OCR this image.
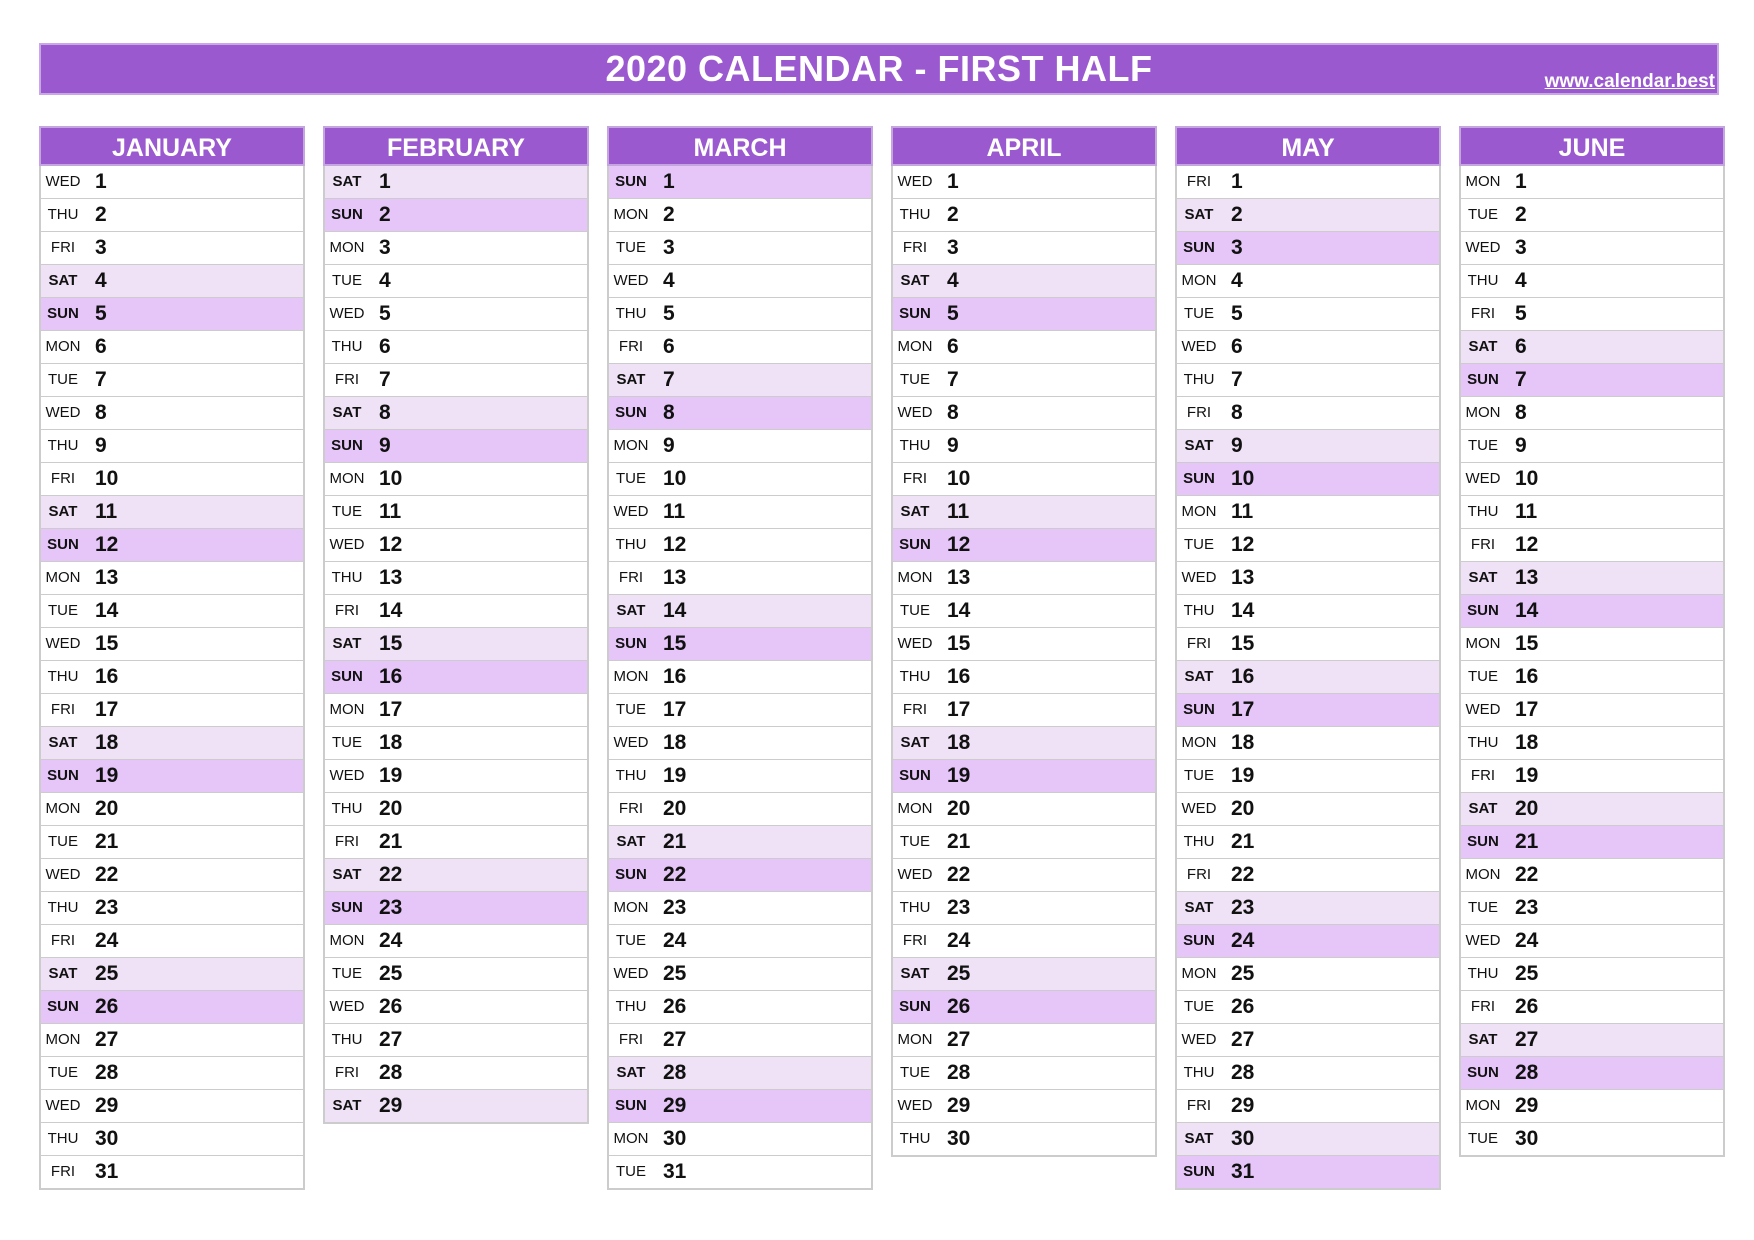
2020 CALENDAR - FIRST HALF	www.calendar.best
JANUARY
WED 1
THU 2
FRI 3
SAT 4
SUN 5
MON 6
TUE 7
WED 8
THU 9
FRI 10
SAT 11
SUN 12
MON 13
TUE 14
WED 15
THU 16
FRI 17
SAT 18
SUN 19
MON 20
TUE 21
WED 22
THU 23
FRI 24
SAT 25
SUN 26
MON 27
TUE 28
WED 29
THU 30
FRI 31
FEBRUARY
SAT 1
SUN 2
MON 3
TUE 4
WED 5
THU 6
FRI 7
SAT 8
SUN 9
MON 10
TUE 11
WED 12
THU 13
FRI 14
SAT 15
SUN 16
MON 17
TUE 18
WED 19
THU 20
FRI 21
SAT 22
SUN 23
MON 24
TUE 25
WED 26
THU 27
FRI 28
SAT 29
MARCH
SUN 1
MON 2
TUE 3
WED 4
THU 5
FRI 6
SAT 7
SUN 8
MON 9
TUE 10
WED 11
THU 12
FRI 13
SAT 14
SUN 15
MON 16
TUE 17
WED 18
THU 19
FRI 20
SAT 21
SUN 22
MON 23
TUE 24
WED 25
THU 26
FRI 27
SAT 28
SUN 29
MON 30
TUE 31
APRIL
WED 1
THU 2
FRI 3
SAT 4
SUN 5
MON 6
TUE 7
WED 8
THU 9
FRI 10
SAT 11
SUN 12
MON 13
TUE 14
WED 15
THU 16
FRI 17
SAT 18
SUN 19
MON 20
TUE 21
WED 22
THU 23
FRI 24
SAT 25
SUN 26
MON 27
TUE 28
WED 29
THU 30
MAY
FRI 1
SAT 2
SUN 3
MON 4
TUE 5
WED 6
THU 7
FRI 8
SAT 9
SUN 10
MON 11
TUE 12
WED 13
THU 14
FRI 15
SAT 16
SUN 17
MON 18
TUE 19
WED 20
THU 21
FRI 22
SAT 23
SUN 24
MON 25
TUE 26
WED 27
THU 28
FRI 29
SAT 30
SUN 31
JUNE
MON 1
TUE 2
WED 3
THU 4
FRI 5
SAT 6
SUN 7
MON 8
TUE 9
WED 10
THU 11
FRI 12
SAT 13
SUN 14
MON 15
TUE 16
WED 17
THU 18
FRI 19
SAT 20
SUN 21
MON 22
TUE 23
WED 24
THU 25
FRI 26
SAT 27
SUN 28
MON 29
TUE 30
